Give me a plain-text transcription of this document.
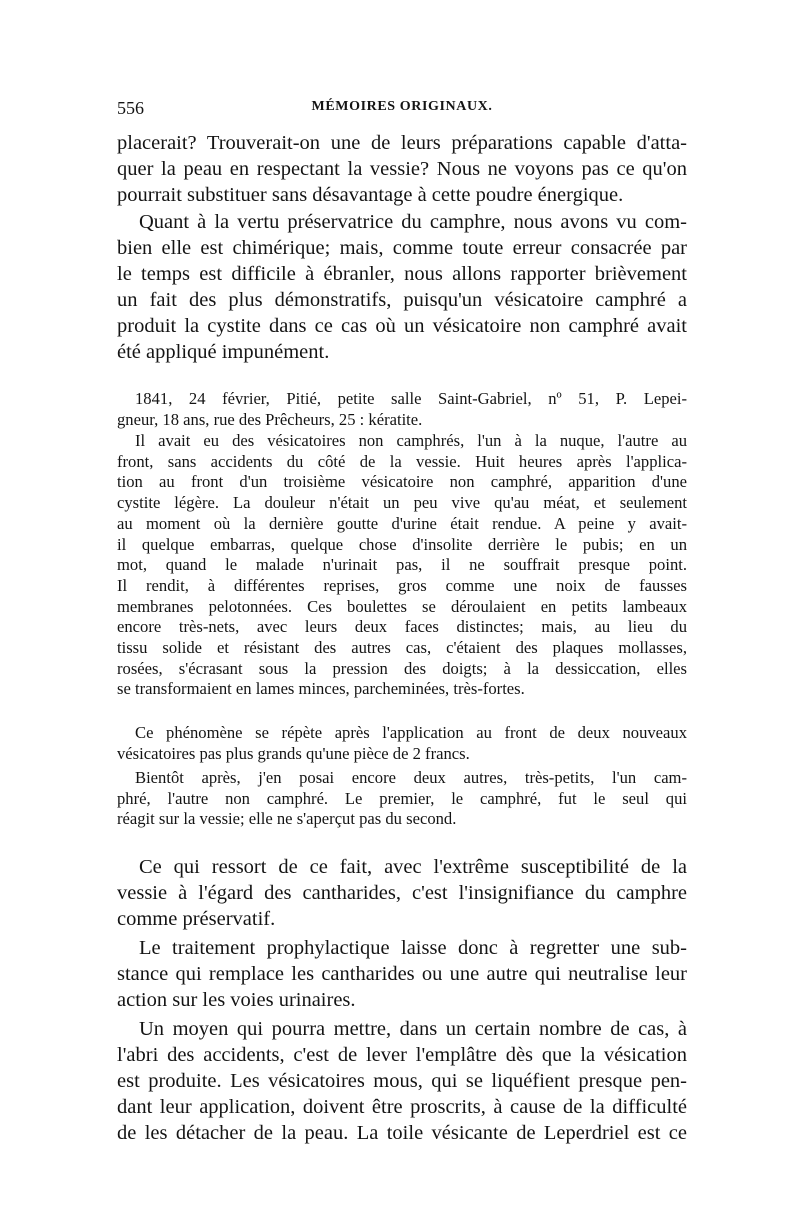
556	MÉMOIRES ORIGINAUX.
placerait? Trouverait-on une de leurs préparations capable d'atta-
quer la peau en respectant la vessie? Nous ne voyons pas ce qu'on
pourrait substituer sans désavantage à cette poudre énergique.
Quant à la vertu préservatrice du camphre, nous avons vu com-
bien elle est chimérique; mais, comme toute erreur consacrée par
le temps est difficile à ébranler, nous allons rapporter brièvement
un fait des plus démonstratifs, puisqu'un vésicatoire camphré a
produit la cystite dans ce cas où un vésicatoire non camphré avait
été appliqué impunément.
1841, 24 février, Pitié, petite salle Saint-Gabriel, nº 51, P. Lepei-
gneur, 18 ans, rue des Prêcheurs, 25 : kératite.
Il avait eu des vésicatoires non camphrés, l'un à la nuque, l'autre au
front, sans accidents du côté de la vessie. Huit heures après l'applica-
tion au front d'un troisième vésicatoire non camphré, apparition d'une
cystite légère. La douleur n'était un peu vive qu'au méat, et seulement
au moment où la dernière goutte d'urine était rendue. A peine y avait-
il quelque embarras, quelque chose d'insolite derrière le pubis; en un
mot, quand le malade n'urinait pas, il ne souffrait presque point.
Il rendit, à différentes reprises, gros comme une noix de fausses
membranes pelotonnées. Ces boulettes se déroulaient en petits lambeaux
encore très-nets, avec leurs deux faces distinctes; mais, au lieu du
tissu solide et résistant des autres cas, c'étaient des plaques mollasses,
rosées, s'écrasant sous la pression des doigts; à la dessiccation, elles
se transformaient en lames minces, parcheminées, très-fortes.
Ce phénomène se répète après l'application au front de deux nouveaux
vésicatoires pas plus grands qu'une pièce de 2 francs.
Bientôt après, j'en posai encore deux autres, très-petits, l'un cam-
phré, l'autre non camphré. Le premier, le camphré, fut le seul qui
réagit sur la vessie; elle ne s'aperçut pas du second.
Ce qui ressort de ce fait, avec l'extrême susceptibilité de la
vessie à l'égard des cantharides, c'est l'insignifiance du camphre
comme préservatif.
Le traitement prophylactique laisse donc à regretter une sub-
stance qui remplace les cantharides ou une autre qui neutralise leur
action sur les voies urinaires.
Un moyen qui pourra mettre, dans un certain nombre de cas, à
l'abri des accidents, c'est de lever l'emplâtre dès que la vésication
est produite. Les vésicatoires mous, qui se liquéfient presque pen-
dant leur application, doivent être proscrits, à cause de la difficulté
de les détacher de la peau. La toile vésicante de Leperdriel est ce
